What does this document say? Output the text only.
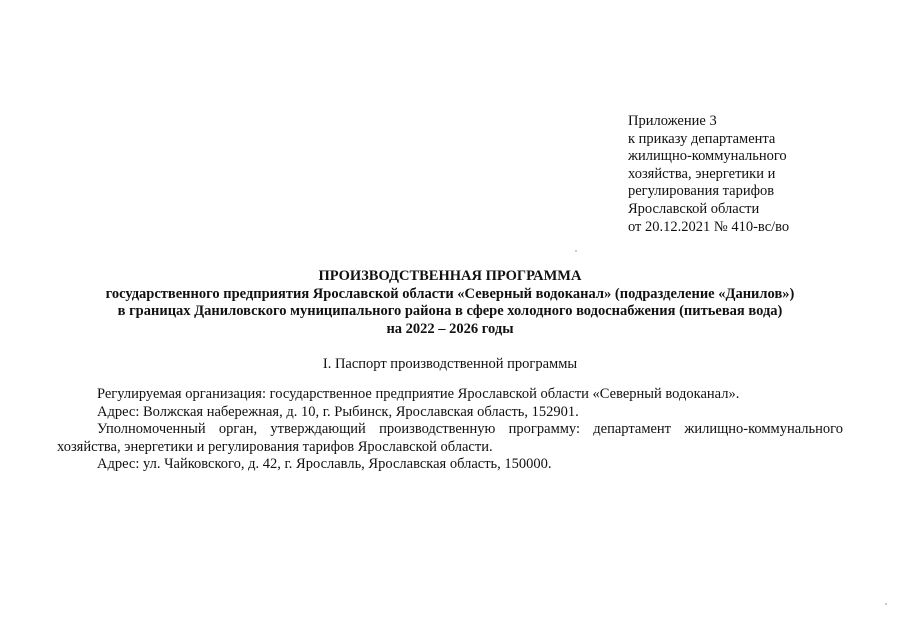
Приложение 3
к приказу департамента
жилищно-коммунального
хозяйства, энергетики и
регулирования тарифов
Ярославской области
от 20.12.2021 № 410-вс/во
ПРОИЗВОДСТВЕННАЯ ПРОГРАММА
государственного предприятия Ярославской области «Северный водоканал» (подразделение «Данилов»)
в границах Даниловского муниципального района в сфере холодного водоснабжения (питьевая вода)
на 2022 – 2026 годы
I. Паспорт производственной программы

Регулируемая организация: государственное предприятие Ярославской области «Северный водоканал».

Адрес: Волжская набережная, д. 10, г. Рыбинск, Ярославская область, 152901.

Уполномоченный орган, утверждающий производственную программу: департамент жилищно-коммунального хозяйства, энергетики и регулирования тарифов Ярославской области.

Адрес: ул. Чайковского, д. 42, г. Ярославль, Ярославская область, 150000.
